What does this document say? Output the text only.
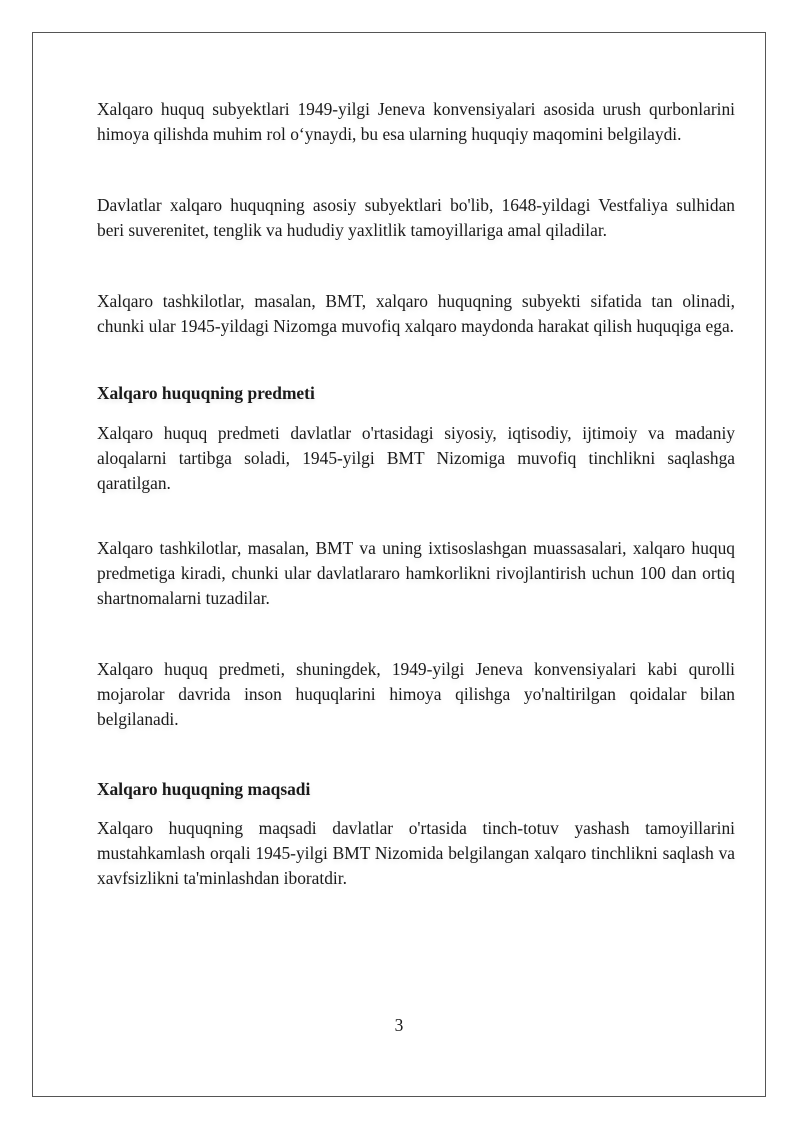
Xalqaro huquq subyektlari 1949-yilgi Jeneva konvensiyalari asosida urush qurbonlarini himoya qilishda muhim rol o‘ynaydi, bu esa ularning huquqiy maqomini belgilaydi.

Davlatlar xalqaro huquqning asosiy subyektlari bo'lib, 1648-yildagi Vestfaliya sulhidan beri suverenitet, tenglik va hududiy yaxlitlik tamoyillariga amal qiladilar.

Xalqaro tashkilotlar, masalan, BMT, xalqaro huquqning subyekti sifatida tan olinadi, chunki ular 1945-yildagi Nizomga muvofiq xalqaro maydonda harakat qilish huquqiga ega.

Xalqaro huquqning predmeti

Xalqaro huquq predmeti davlatlar o'rtasidagi siyosiy, iqtisodiy, ijtimoiy va madaniy aloqalarni tartibga soladi, 1945-yilgi BMT Nizomiga muvofiq tinchlikni saqlashga qaratilgan.

Xalqaro tashkilotlar, masalan, BMT va uning ixtisoslashgan muassasalari, xalqaro huquq predmetiga kiradi, chunki ular davlatlararo hamkorlikni rivojlantirish uchun 100 dan ortiq shartnomalarni tuzadilar.

Xalqaro huquq predmeti, shuningdek, 1949-yilgi Jeneva konvensiyalari kabi qurolli mojarolar davrida inson huquqlarini himoya qilishga yo'naltirilgan qoidalar bilan belgilanadi.

Xalqaro huquqning maqsadi

Xalqaro huquqning maqsadi davlatlar o'rtasida tinch-totuv yashash tamoyillarini mustahkamlash orqali 1945-yilgi BMT Nizomida belgilangan xalqaro tinchlikni saqlash va xavfsizlikni ta'minlashdan iboratdir.

3
